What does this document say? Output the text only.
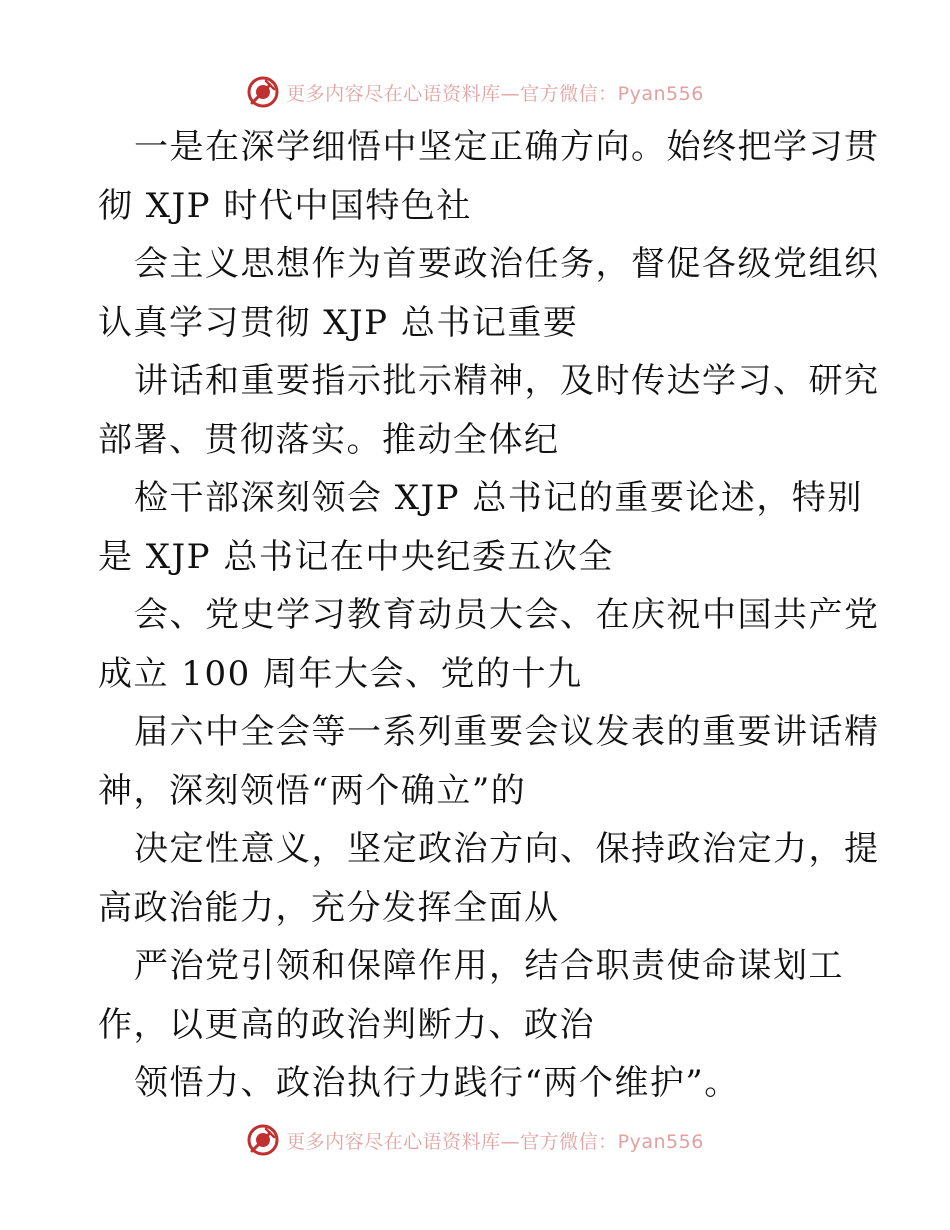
更多内容尽在心语资料库—官方微信：Pyan556

一是在深学细悟中坚定正确方向。始终把学习贯
彻 XJP 时代中国特色社

会主义思想作为首要政治任务，督促各级党组织
认真学习贯彻 XJP 总书记重要

讲话和重要指示批示精神，及时传达学习、研究
部署、贯彻落实。推动全体纪

检干部深刻领会 XJP 总书记的重要论述，特别
是 XJP 总书记在中央纪委五次全

会、党史学习教育动员大会、在庆祝中国共产党
成立 100 周年大会、党的十九

届六中全会等一系列重要会议发表的重要讲话精
神，深刻领悟“两个确立”的

决定性意义，坚定政治方向、保持政治定力，提
高政治能力，充分发挥全面从

严治党引领和保障作用，结合职责使命谋划工
作，以更高的政治判断力、政治

领悟力、政治执行力践行“两个维护”。

更多内容尽在心语资料库—官方微信：Pyan556
